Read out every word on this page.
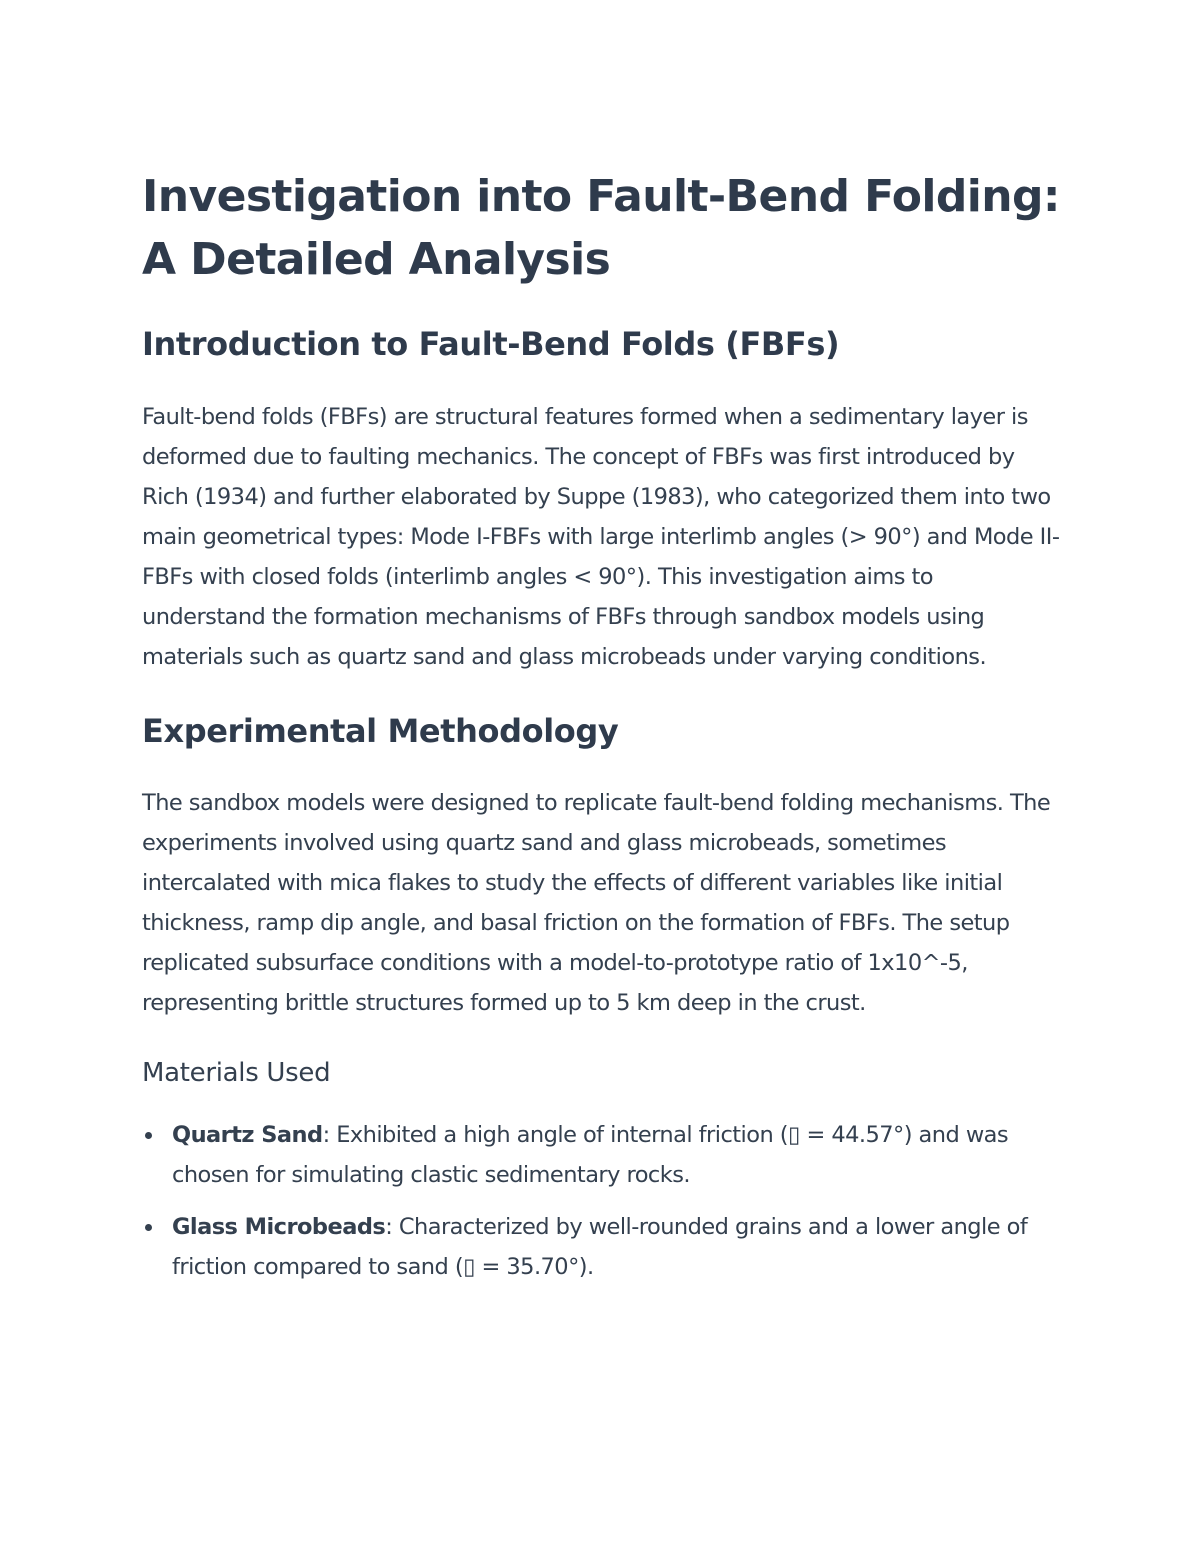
Investigation into Fault-Bend Folding: A Detailed Analysis
Introduction to Fault-Bend Folds (FBFs)

Fault-bend folds (FBFs) are structural features formed when a sedimentary layer is deformed due to faulting mechanics. The concept of FBFs was first introduced by Rich (1934) and further elaborated by Suppe (1983), who categorized them into two main geometrical types: Mode I-FBFs with large interlimb angles (> 90°) and Mode II-FBFs with closed folds (interlimb angles < 90°). This investigation aims to understand the formation mechanisms of FBFs through sandbox models using materials such as quartz sand and glass microbeads under varying conditions.

Experimental Methodology

The sandbox models were designed to replicate fault-bend folding mechanisms. The experiments involved using quartz sand and glass microbeads, sometimes intercalated with mica flakes to study the effects of different variables like initial thickness, ramp dip angle, and basal friction on the formation of FBFs. The setup replicated subsurface conditions with a model-to-prototype ratio of 1x10^-5, representing brittle structures formed up to 5 km deep in the crust.

Materials Used
Quartz Sand: Exhibited a high angle of internal friction (▯ = 44.57°) and was chosen for simulating clastic sedimentary rocks.
Glass Microbeads: Characterized by well-rounded grains and a lower angle of friction compared to sand (▯ = 35.70°).
